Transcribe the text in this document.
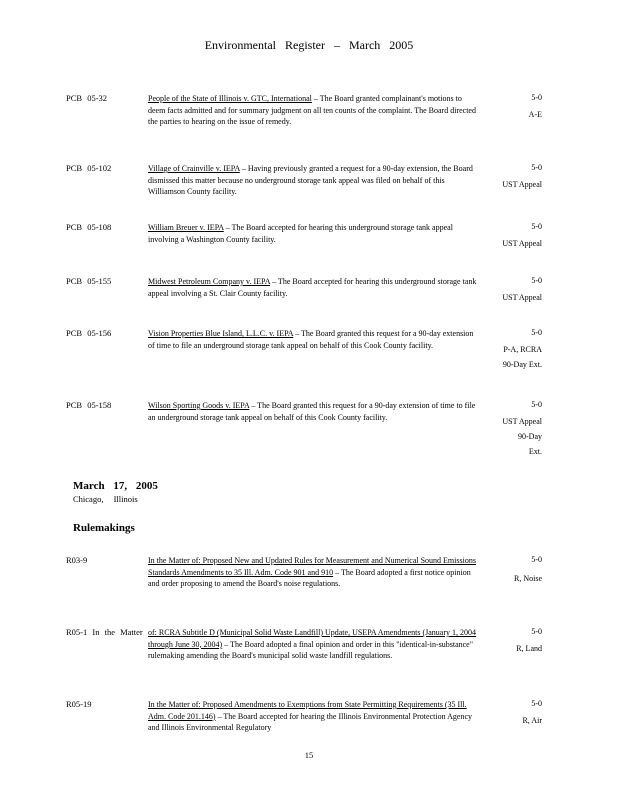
Environmental Register – March 2005
PCB 05-32	People of the State of Illinois v. GTC, International – The Board granted complainant's motions to deem facts admitted and for summary judgment on all ten counts of the complaint. The Board directed the parties to hearing on the issue of remedy.
5-0
A-E
PCB 05-102	Village of Crainville v. IEPA – Having previously granted a request for a 90-day extension, the Board dismissed this matter because no underground storage tank appeal was filed on behalf of this Williamson County facility.
5-0
UST Appeal
PCB 05-108	William Breuer v. IEPA – The Board accepted for hearing this underground storage tank appeal involving a Washington County facility.
5-0
UST Appeal
PCB 05-155	Midwest Petroleum Company v. IEPA – The Board accepted for hearing this underground storage tank appeal involving a St. Clair County facility.
5-0
UST Appeal
PCB 05-156	Vision Properties Blue Island, L.L.C. v. IEPA – The Board granted this request for a 90-day extension of time to file an underground storage tank appeal on behalf of this Cook County facility.
5-0
P-A, RCRA
90-Day Ext.
PCB 05-158	Wilson Sporting Goods v. IEPA – The Board granted this request for a 90-day extension of time to file an underground storage tank appeal on behalf of this Cook County facility.
5-0
UST Appeal
90-Day
Ext.
March 17, 2005
Chicago, Illinois
Rulemakings
R03-9	In the Matter of: Proposed New and Updated Rules for Measurement and Numerical Sound Emissions Standards Amendments to 35 Ill. Adm. Code 901 and 910 – The Board adopted a first notice opinion and order proposing to amend the Board's noise regulations.
5-0
R, Noise
R05-1 In the Matter of: RCRA Subtitle D (Municipal Solid Waste Landfill) Update, USEPA Amendments (January 1, 2004 through June 30, 2004) – The Board adopted a final opinion and order in this "identical-in-substance" rulemaking amending the Board's municipal solid waste landfill regulations.
5-0
R, Land
R05-19	In the Matter of: Proposed Amendments to Exemptions from State Permitting Requirements (35 Ill. Adm. Code 201.146) – The Board accepted for hearing the Illinois Environmental Protection Agency and Illinois Environmental Regulatory
5-0
R, Air
15
